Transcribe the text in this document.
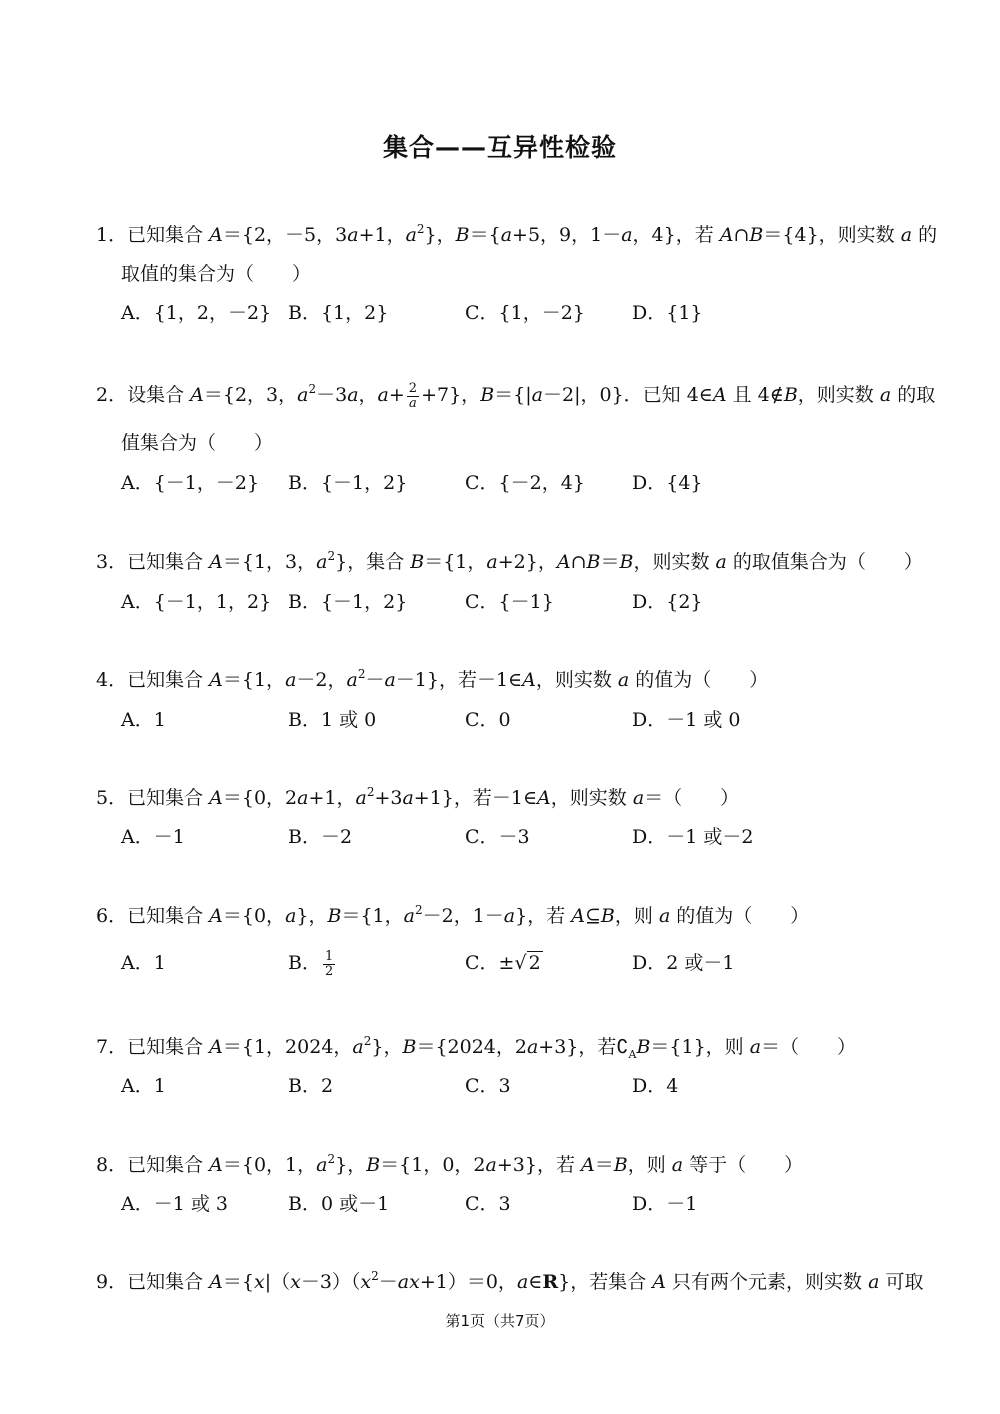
集合——互异性检验
1．已知集合 A＝{2，－5，3a+1，$a^2$}，B＝{a+5，9，1－a，4}，若 A∩B＝{4}，则实数 a 的
取值的集合为（　　）
A．{1，2，－2} B．{1，2}	C．{1，－2} D．{1}
2．设集合 A＝{2，3，$a^2-3a$，$a+ \frac{2}{a} +7$}，B＝{|a－2|，0}．已知 4∈A 且 4∉B，则实数 a 的取
值集合为（　　）
A．{－1，－2} B．{－1，2}	C．{－2，4} D．{4}
3．已知集合 A＝{1，3，$a^2$}，集合 B＝{1，a+2}，A∩B＝B，则实数 a 的取值集合为（　　）
A．{－1，1，2} B．{－1，2}	C．{－1}	D．{2}
4．已知集合 A＝{1，a－2，$a^2-a-1$}，若－1∈A，则实数 a 的值为（　　）
A．1	B．1 或 0	C．0	D．－1 或 0
5．已知集合 A＝{0，2a+1，$a^2+3a+1$}，若－1∈A，则实数 a＝（　　）
A．－1	B．－2	C．－3	D．－1 或－2
6．已知集合 A＝{0，a}，B＝{1，$a^2-2$，1－a}，若 A⊆B，则 a 的值为（　　）
A．1	B． $\frac{1}{2}$	C．±√ 2	D．2 或－1
7．已知集合 A＝{1，2024，$a^2$}，B＝{2024，2a+3}，若$∁_AB=\{1\}$，则 a＝（　　）
A．1	B．2	C．3	D．4
8．已知集合 A＝{0，1，$a^2$}，B＝{1，0，2a+3}，若 A＝B，则 a 等于（　　）
A．－1 或 3	B．0 或－1	C．3	D．－1
9．已知集合 $A=\{x|(x-3)(x^2-ax+1)=0$，a∈R}，若集合 A 只有两个元素，则实数 a 可取
第1页（共7页）
